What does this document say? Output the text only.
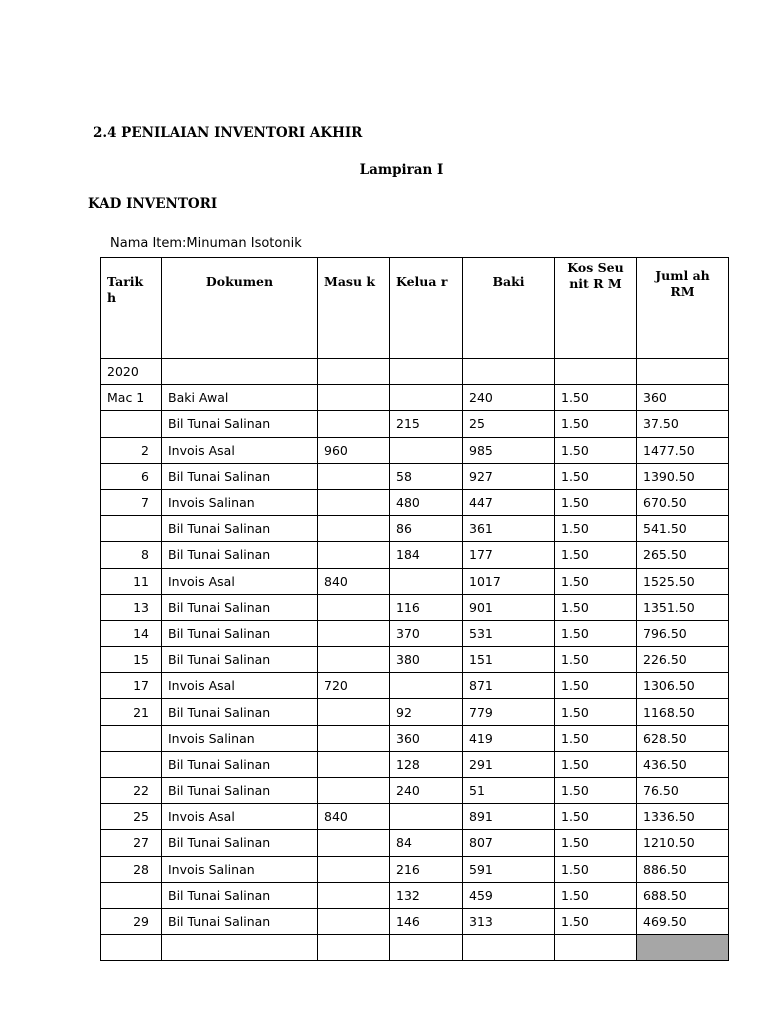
2.4 PENILAIAN INVENTORI AKHIR
Lampiran I
KAD INVENTORI
Nama Item:Minuman Isotonik
Tarik h	Dokumen	Masu k	Kelua r	Baki	Kos Seu nit R M	Juml ah RM
2020						
Mac 1	Baki Awal			240	1.50	360
	Bil Tunai Salinan		215	25	1.50	37.50
2	Invois Asal	960		985	1.50	1477.50
6	Bil Tunai Salinan		58	927	1.50	1390.50
7	Invois Salinan		480	447	1.50	670.50
	Bil Tunai Salinan		86	361	1.50	541.50
8	Bil Tunai Salinan		184	177	1.50	265.50
11	Invois Asal	840		1017	1.50	1525.50
13	Bil Tunai Salinan		116	901	1.50	1351.50
14	Bil Tunai Salinan		370	531	1.50	796.50
15	Bil Tunai Salinan		380	151	1.50	226.50
17	Invois Asal	720		871	1.50	1306.50
21	Bil Tunai Salinan		92	779	1.50	1168.50
	Invois Salinan		360	419	1.50	628.50
	Bil Tunai Salinan		128	291	1.50	436.50
22	Bil Tunai Salinan		240	51	1.50	76.50
25	Invois Asal	840		891	1.50	1336.50
27	Bil Tunai Salinan		84	807	1.50	1210.50
28	Invois Salinan		216	591	1.50	886.50
	Bil Tunai Salinan		132	459	1.50	688.50
29	Bil Tunai Salinan		146	313	1.50	469.50
